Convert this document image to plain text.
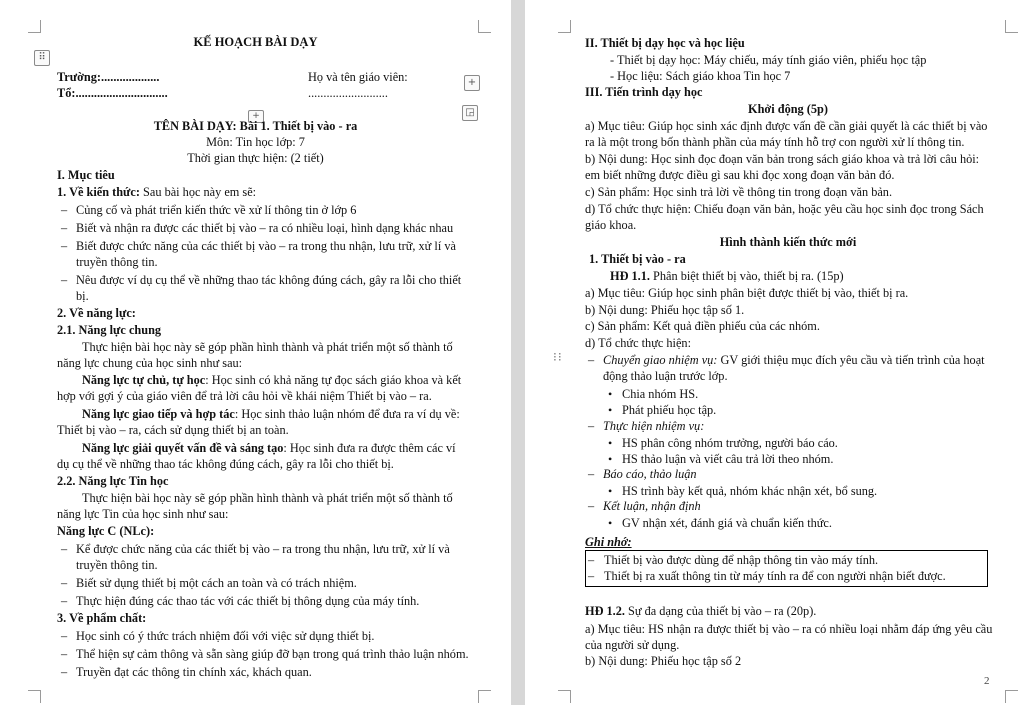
⠿
+
+	◲
KẾ HOẠCH BÀI DẠY
Trường:...................
Tổ:..............................
Họ và tên giáo viên:
..........................
TÊN BÀI DẠY: Bài 1. Thiết bị vào - ra
Môn: Tin học lớp: 7
Thời gian thực hiện: (2 tiết)
I. Mục tiêu
1. Về kiến thức: Sau bài học này em sẽ:
– Củng cố và phát triển kiến thức về xử lí thông tin ở lớp 6
– Biết và nhận ra được các thiết bị vào – ra có nhiều loại, hình dạng khác nhau
– Biết được chức năng của các thiết bị vào – ra trong thu nhận, lưu trữ, xử lí và
truyền thông tin.
– Nêu được ví dụ cụ thể về những thao tác không đúng cách, gây ra lỗi cho thiết
bị.
2. Về năng lực:
2.1. Năng lực chung
Thực hiện bài học này sẽ góp phần hình thành và phát triển một số thành tố
năng lực chung của học sinh như sau:
Năng lực tự chủ, tự học: Học sinh có khả năng tự đọc sách giáo khoa và kết
hợp với gợi ý của giáo viên để trả lời câu hỏi về khái niệm Thiết bị vào – ra.
Năng lực giao tiếp và hợp tác: Học sinh thảo luận nhóm để đưa ra ví dụ về:
Thiết bị vào – ra, cách sử dụng thiết bị an toàn.
Năng lực giải quyết vấn đề và sáng tạo: Học sinh đưa ra được thêm các ví
dụ cụ thể về những thao tác không đúng cách, gây ra lỗi cho thiết bị.
2.2. Năng lực Tin học
Thực hiện bài học này sẽ góp phần hình thành và phát triển một số thành tố
năng lực Tin của học sinh như sau:
Năng lực C (NLc):
– Kể được chức năng của các thiết bị vào – ra trong thu nhận, lưu trữ, xử lí và
truyền thông tin.
– Biết sử dụng thiết bị một cách an toàn và có trách nhiệm.
– Thực hiện đúng các thao tác với các thiết bị thông dụng của máy tính.
3. Về phẩm chất:
– Học sinh có ý thức trách nhiệm đối với việc sử dụng thiết bị.
– Thể hiện sự cảm thông và sẵn sàng giúp đỡ bạn trong quá trình thảo luận nhóm.
– Truyền đạt các thông tin chính xác, khách quan.
II. Thiết bị dạy học và học liệu
- Thiết bị dạy học: Máy chiếu, máy tính giáo viên, phiếu học tập
- Học liệu: Sách giáo khoa Tin học 7
III. Tiến trình dạy học
Khởi động (5p)
a) Mục tiêu: Giúp học sinh xác định được vấn đề cần giải quyết là các thiết bị vào
ra là một trong bốn thành phần của máy tính hỗ trợ con người xử lí thông tin.
b) Nội dung: Học sinh đọc đoạn văn bản trong sách giáo khoa và trả lời câu hỏi:
em biết những được điều gì sau khi đọc xong đoạn văn bản đó.
c) Sản phẩm: Học sinh trả lời về thông tin trong đoạn văn bản.
d) Tổ chức thực hiện: Chiếu đoạn văn bản, hoặc yêu cầu học sinh đọc trong Sách
giáo khoa.
Hình thành kiến thức mới
1. Thiết bị vào - ra
HĐ 1.1. Phân biệt thiết bị vào, thiết bị ra. (15p)
a) Mục tiêu: Giúp học sinh phân biệt được thiết bị vào, thiết bị ra.
b) Nội dung: Phiếu học tập số 1.
c) Sản phẩm: Kết quả điền phiếu của các nhóm.
d) Tổ chức thực hiện:
⁝⁝ – Chuyển giao nhiệm vụ: GV giới thiệu mục đích yêu cầu và tiến trình của hoạt
động thảo luận trước lớp.
• Chia nhóm HS.
• Phát phiếu học tập.
– Thực hiện nhiệm vụ:
• HS phân công nhóm trưởng, người báo cáo.
• HS thảo luận và viết câu trả lời theo nhóm.
– Báo cáo, thảo luận
• HS trình bày kết quả, nhóm khác nhận xét, bổ sung.
– Kết luận, nhận định
• GV nhận xét, đánh giá và chuẩn kiến thức.
Ghi nhớ:
– Thiết bị vào được dùng để nhập thông tin vào máy tính.
– Thiết bị ra xuất thông tin từ máy tính ra để con người nhận biết được.
HĐ 1.2. Sự đa dạng của thiết bị vào – ra (20p).
a) Mục tiêu: HS nhận ra được thiết bị vào – ra có nhiều loại nhằm đáp ứng yêu cầu
của người sử dụng.
b) Nội dung: Phiếu học tập số 2
2
